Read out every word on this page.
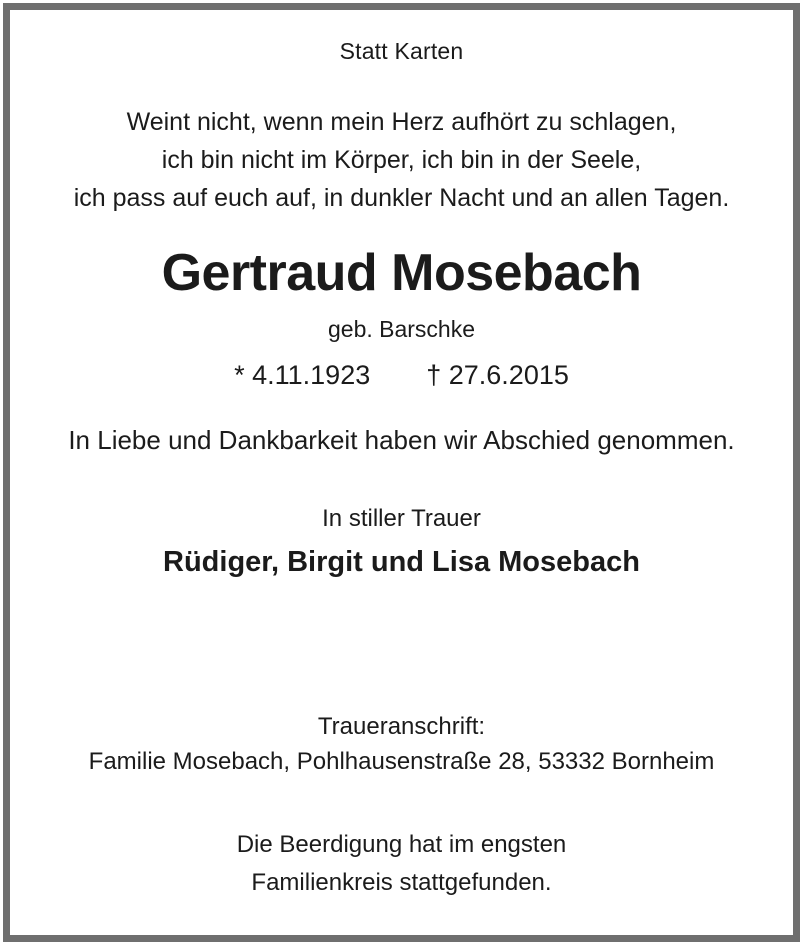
Statt Karten
Weint nicht, wenn mein Herz aufhört zu schlagen,
ich bin nicht im Körper, ich bin in der Seele,
ich pass auf euch auf, in dunkler Nacht und an allen Tagen.
Gertraud Mosebach
geb. Barschke
* 4.11.1923 † 27.6.2015
In Liebe und Dankbarkeit haben wir Abschied genommen.
In stiller Trauer
Rüdiger, Birgit und Lisa Mosebach
Traueranschrift:
Familie Mosebach, Pohlhausenstraße 28, 53332 Bornheim
Die Beerdigung hat im engsten
Familienkreis stattgefunden.
